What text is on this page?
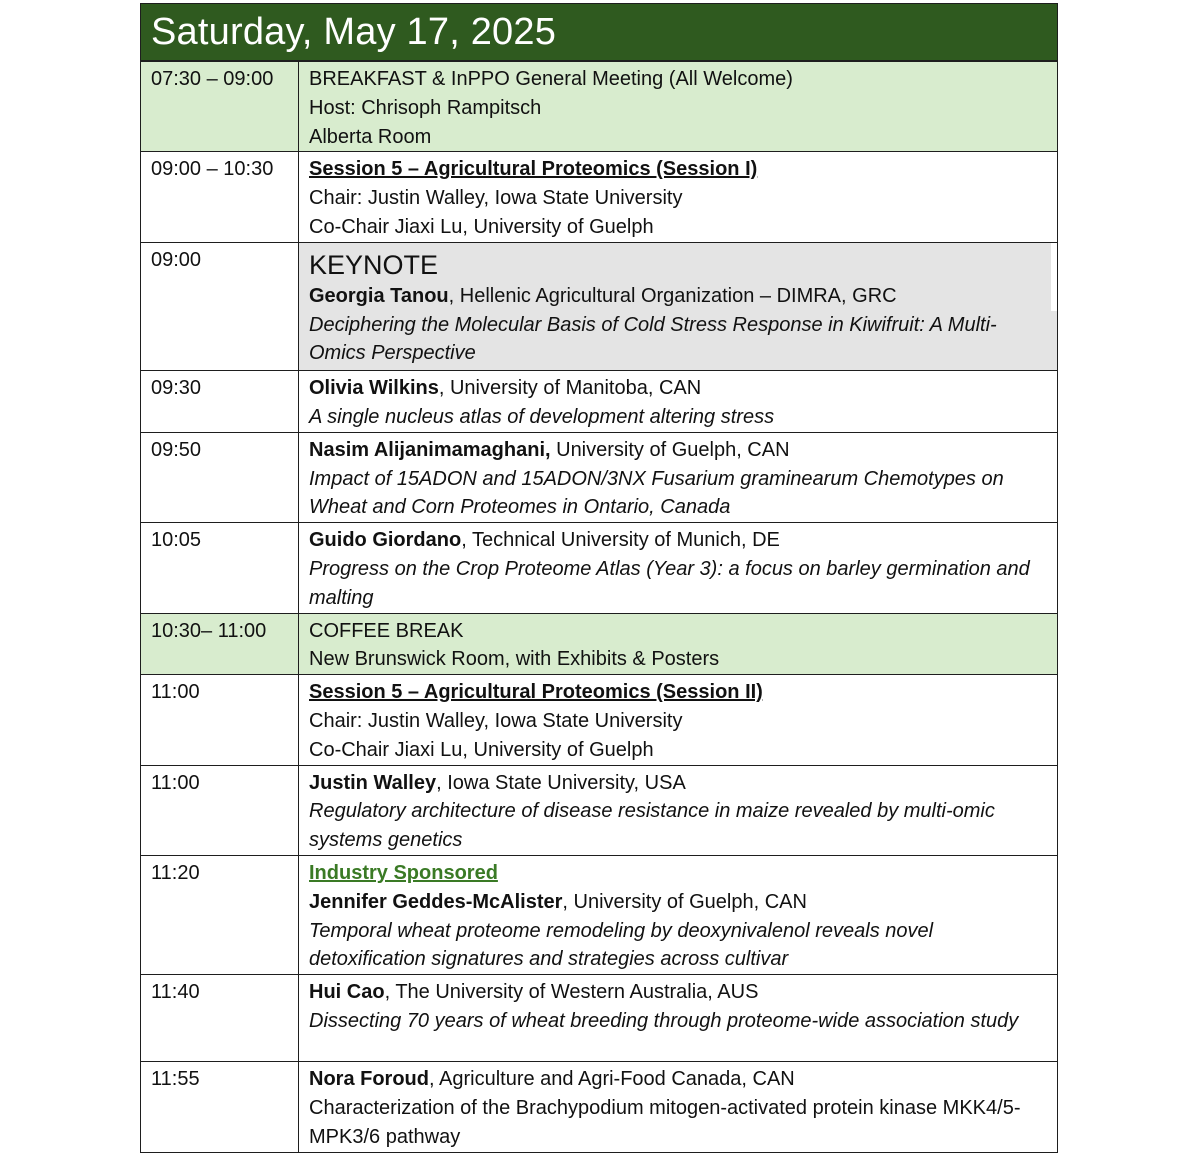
Saturday, May 17, 2025
07:30 – 09:00	BREAKFAST & InPPO General Meeting (All Welcome)
Host: Chrisoph Rampitsch
Alberta Room

09:00 – 10:30	Session 5 – Agricultural Proteomics (Session I)
Chair: Justin Walley, Iowa State University
Co-Chair Jiaxi Lu, University of Guelph

09:00	KEYNOTE
Georgia Tanou, Hellenic Agricultural Organization – DIMRA, GRC
Deciphering the Molecular Basis of Cold Stress Response in Kiwifruit: A Multi-Omics Perspective

09:30	Olivia Wilkins, University of Manitoba, CAN
A single nucleus atlas of development altering stress

09:50	Nasim Alijanimamaghani, University of Guelph, CAN
Impact of 15ADON and 15ADON/3NX Fusarium graminearum Chemotypes on Wheat and Corn Proteomes in Ontario, Canada

10:05	Guido Giordano, Technical University of Munich, DE
Progress on the Crop Proteome Atlas (Year 3): a focus on barley germination and malting

10:30– 11:00	COFFEE BREAK
New Brunswick Room, with Exhibits & Posters

11:00	Session 5 – Agricultural Proteomics (Session II)
Chair: Justin Walley, Iowa State University
Co-Chair Jiaxi Lu, University of Guelph

11:00	Justin Walley, Iowa State University, USA
Regulatory architecture of disease resistance in maize revealed by multi-omic systems genetics

11:20	Industry Sponsored
Jennifer Geddes-McAlister, University of Guelph, CAN
Temporal wheat proteome remodeling by deoxynivalenol reveals novel detoxification signatures and strategies across cultivar

11:40	Hui Cao, The University of Western Australia, AUS
Dissecting 70 years of wheat breeding through proteome-wide association study

11:55	Nora Foroud, Agriculture and Agri-Food Canada, CAN
Characterization of the Brachypodium mitogen-activated protein kinase MKK4/5-MPK3/6 pathway
